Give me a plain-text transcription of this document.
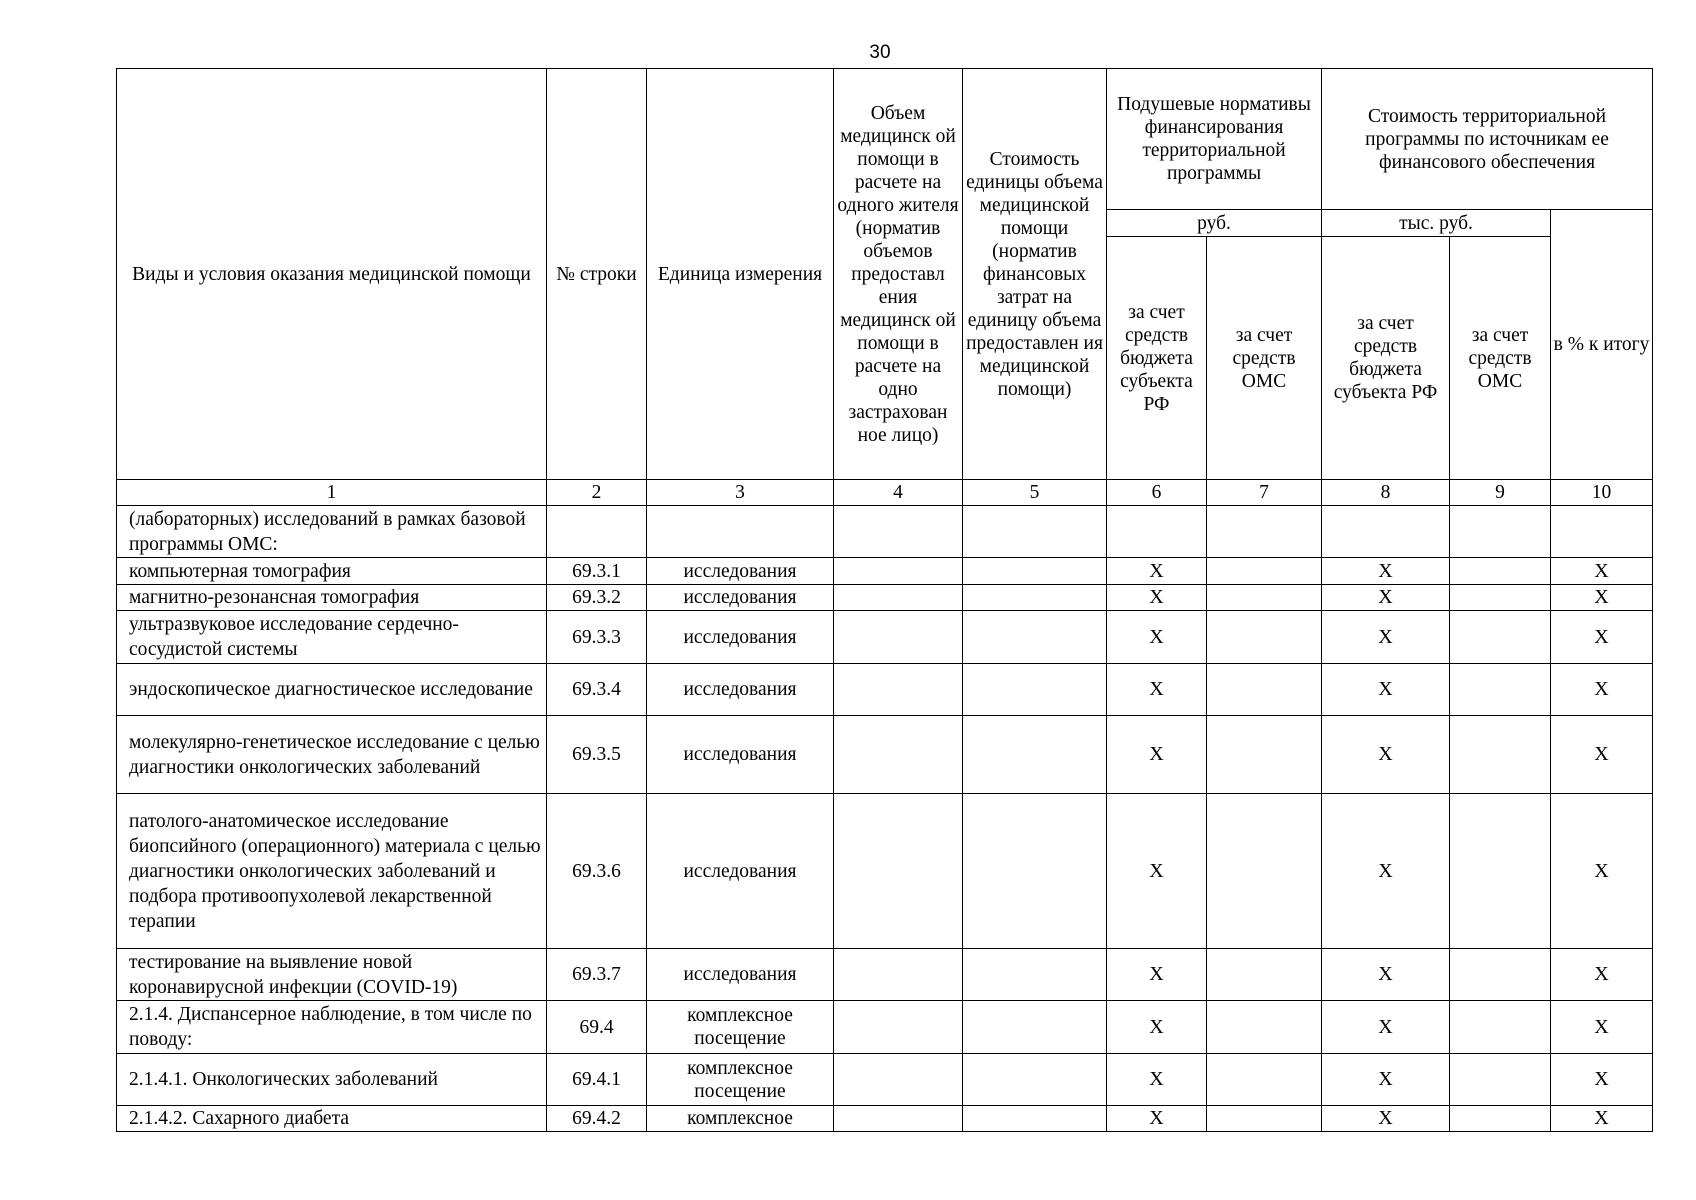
30
Виды и условия оказания медицинской помощи	№ строки	Единица измерения	Объем медицинск ой помощи в расчете на одного жителя (норматив объемов предоставл ения медицинск ой помощи в расчете на одно застрахован ное лицо)	Стоимость единицы объема медицинской помощи (норматив финансовых затрат на единицу объема предоставлен ия медицинской помощи)	Подушевые нормативы финансирования территориальной программы		Стоимость территориальной программы по источникам ее финансового обеспечения		
					руб.		тыс. руб.		в % к итогу
					за счет средств бюджета субъекта РФ	за счет средств ОМС	за счет средств бюджета субъекта РФ	за счет средств ОМС	
1	2	3	4	5	6	7	8	9	10
(лабораторных) исследований в рамках базовой программы ОМС:									
компьютерная томография	69.3.1	исследования			X		X		X
магнитно-резонансная томография	69.3.2	исследования			X		X		X
ультразвуковое исследование сердечно-сосудистой системы	69.3.3	исследования			X		X		X
эндоскопическое диагностическое исследование	69.3.4	исследования			X		X		X
молекулярно-генетическое исследование с целью диагностики онкологических заболеваний	69.3.5	исследования			X		X		X
патолого-анатомическое исследование биопсийного (операционного) материала с целью диагностики онкологических заболеваний и подбора противоопухолевой лекарственной терапии	69.3.6	исследования			X		X		X
тестирование на выявление новой коронавирусной инфекции (COVID-19)	69.3.7	исследования			X		X		X
2.1.4. Диспансерное наблюдение, в том числе по поводу:	69.4	комплексное посещение			X		X		X
2.1.4.1. Онкологических заболеваний	69.4.1	комплексное посещение			X		X		X
2.1.4.2. Сахарного диабета	69.4.2	комплексное			X		X		X
